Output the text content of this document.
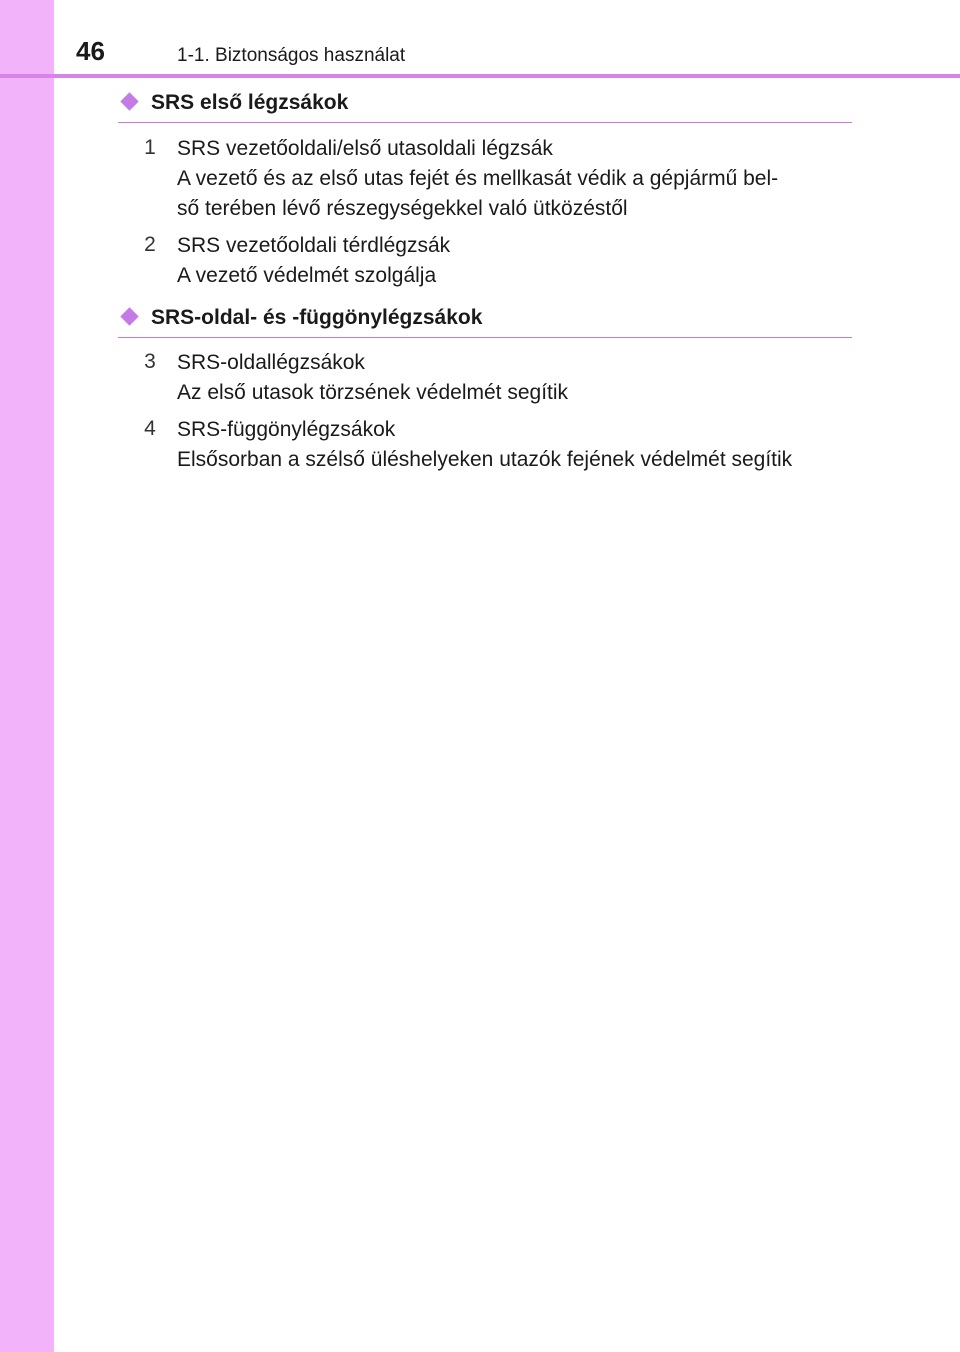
46	1-1. Biztonságos használat
SRS első légzsákok
1 SRS vezetőoldali/első utasoldali légzsák
A vezető és az első utas fejét és mellkasát védik a gépjármű bel-
ső terében lévő részegységekkel való ütközéstől
2 SRS vezetőoldali térdlégzsák
A vezető védelmét szolgálja
SRS-oldal- és -függönylégzsákok
3 SRS-oldallégzsákok
Az első utasok törzsének védelmét segítik
4 SRS-függönylégzsákok
Elsősorban a szélső üléshelyeken utazók fejének védelmét segítik
